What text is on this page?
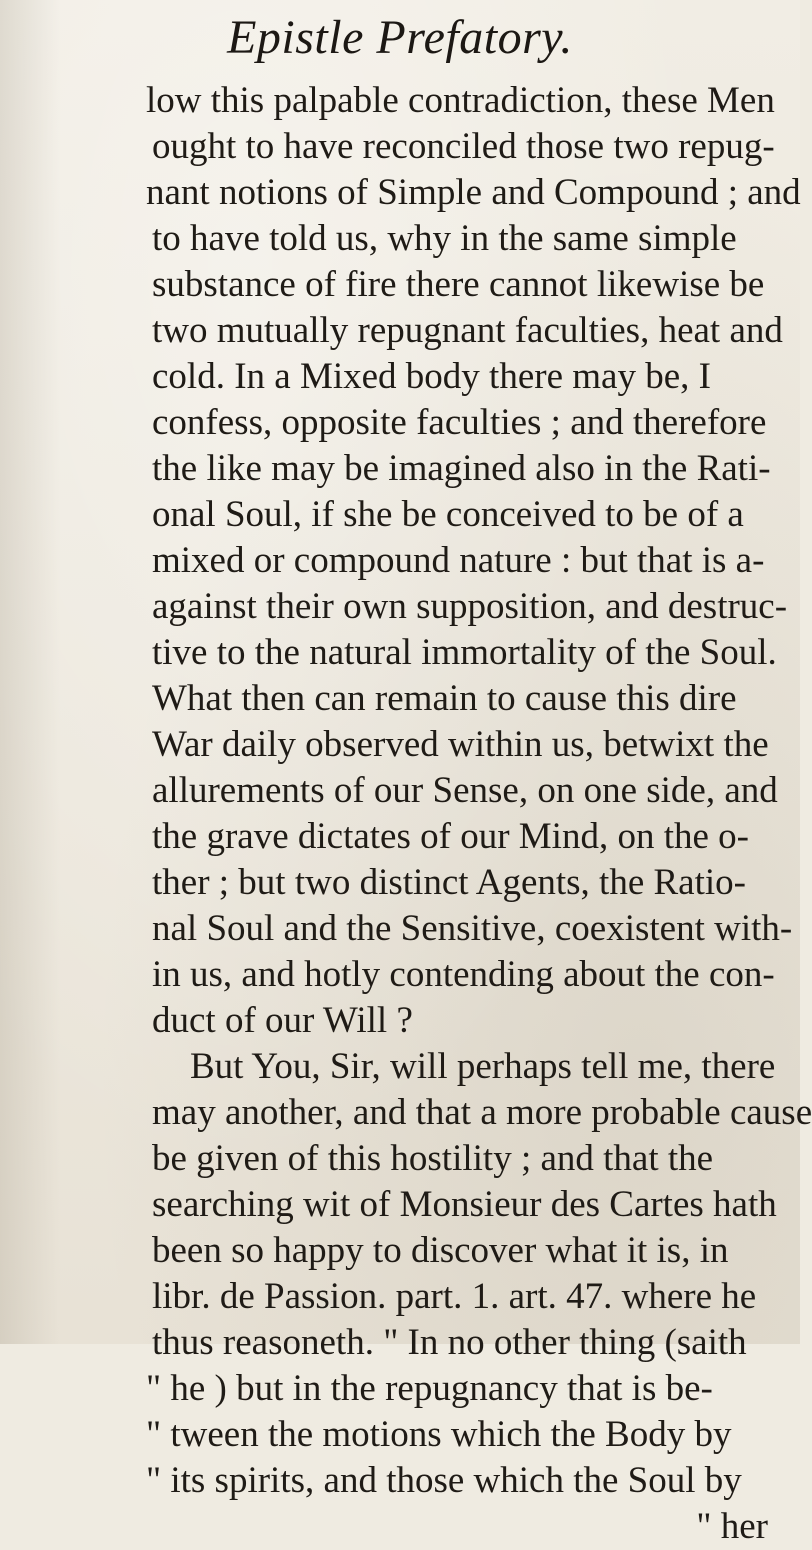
Epistle Prefatory.
low this palpable contradiction, these Men
ought to have reconciled those two repug-
nant notions of Simple and Compound ; and
to have told us, why in the same simple
substance of fire there cannot likewise be
two mutually repugnant faculties, heat and
cold. In a Mixed body there may be, I
confess, opposite faculties ; and therefore
the like may be imagined also in the Rati-
onal Soul, if she be conceived to be of a
mixed or compound nature : but that is a-
against their own supposition, and destruc-
tive to the natural immortality of the Soul.
What then can remain to cause this dire
War daily observed within us, betwixt the
allurements of our Sense, on one side, and
the grave dictates of our Mind, on the o-
ther ; but two distinct Agents, the Ratio-
nal Soul and the Sensitive, coexistent with-
in us, and hotly contending about the con-
duct of our Will ?
But You, Sir, will perhaps tell me, there
may another, and that a more probable cause
be given of this hostility ; and that the
searching wit of Monsieur des Cartes hath
been so happy to discover what it is, in
libr. de Passion. part. 1. art. 47. where he
thus reasoneth. " In no other thing (saith
" he ) but in the repugnancy that is be-
" tween the motions which the Body by
" its spirits, and those which the Soul by
" her
